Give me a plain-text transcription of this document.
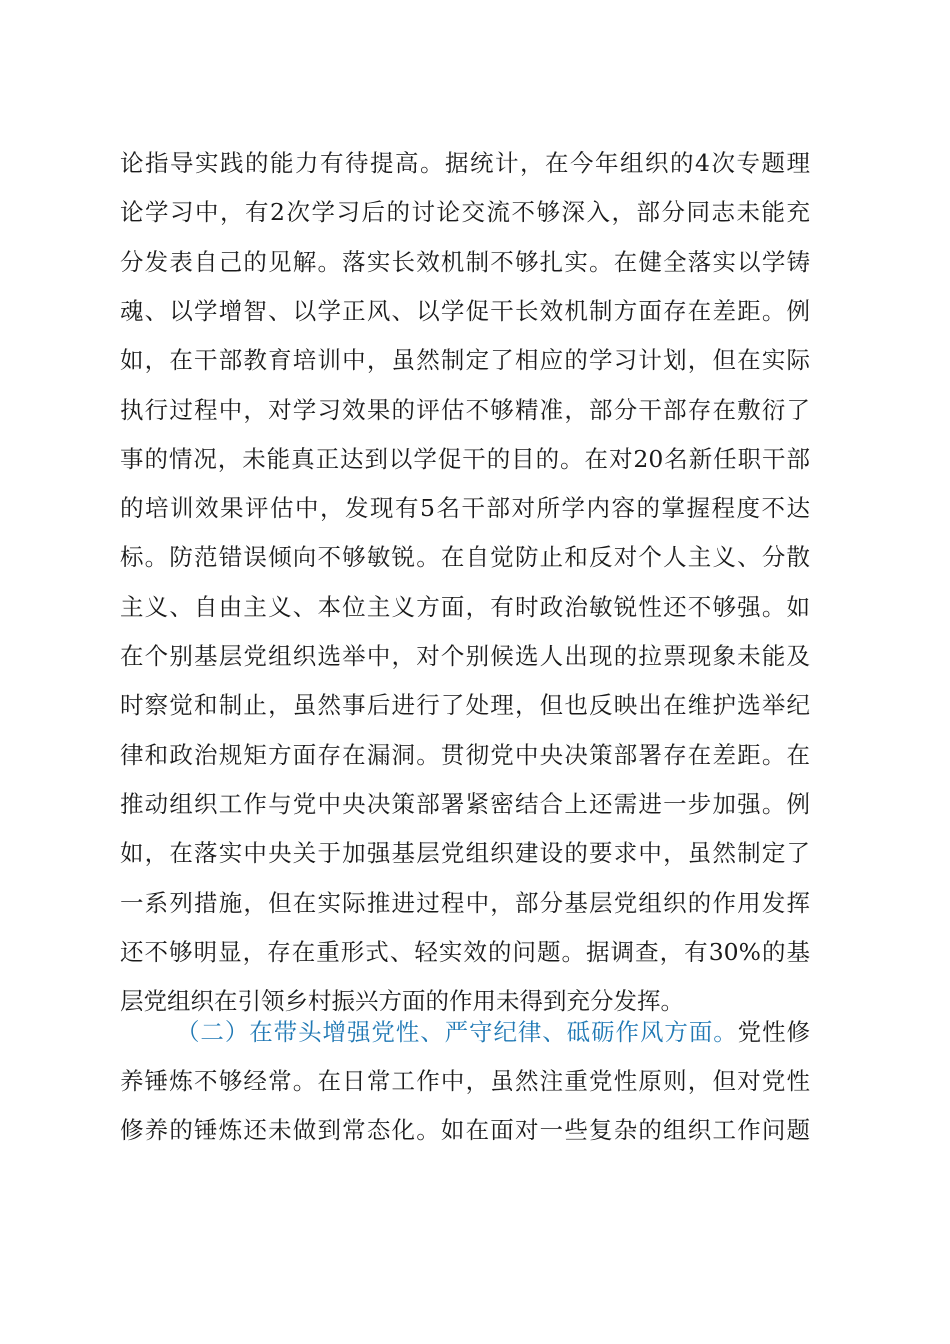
论指导实践的能力有待提高。据统计，在今年组织的4次专题理
论学习中，有2次学习后的讨论交流不够深入，部分同志未能充
分发表自己的见解。落实长效机制不够扎实。在健全落实以学铸
魂、以学增智、以学正风、以学促干长效机制方面存在差距。例
如，在干部教育培训中，虽然制定了相应的学习计划，但在实际
执行过程中，对学习效果的评估不够精准，部分干部存在敷衍了
事的情况，未能真正达到以学促干的目的。在对20名新任职干部
的培训效果评估中，发现有5名干部对所学内容的掌握程度不达
标。防范错误倾向不够敏锐。在自觉防止和反对个人主义、分散
主义、自由主义、本位主义方面，有时政治敏锐性还不够强。如
在个别基层党组织选举中，对个别候选人出现的拉票现象未能及
时察觉和制止，虽然事后进行了处理，但也反映出在维护选举纪
律和政治规矩方面存在漏洞。贯彻党中央决策部署存在差距。在
推动组织工作与党中央决策部署紧密结合上还需进一步加强。例
如，在落实中央关于加强基层党组织建设的要求中，虽然制定了
一系列措施，但在实际推进过程中，部分基层党组织的作用发挥
还不够明显，存在重形式、轻实效的问题。据调查，有30%的基
层党组织在引领乡村振兴方面的作用未得到充分发挥。
（二）在带头增强党性、严守纪律、砥砺作风方面。党性修
养锤炼不够经常。在日常工作中，虽然注重党性原则，但对党性
修养的锤炼还未做到常态化。如在面对一些复杂的组织工作问题
